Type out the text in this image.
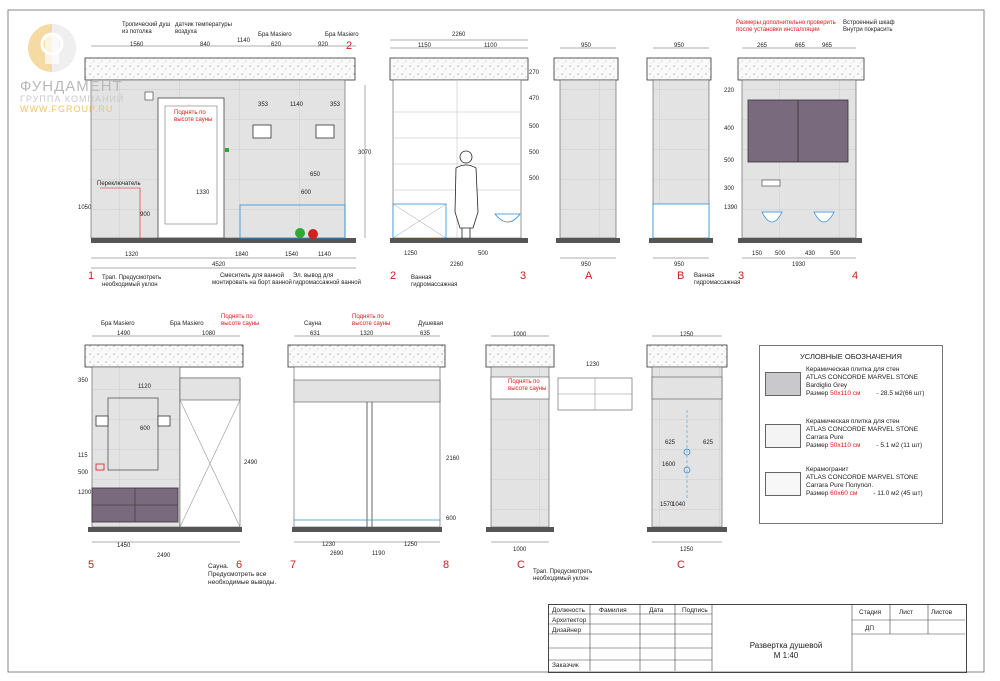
ФУНДАМЕНТ
ГРУППА КОМПАНИЙ
WWW.FGROUP.RU
Тропический душ
из потолка
датчик температуры
воздуха	Бра Masiero	Бра Masiero
Поднять по
высоте сауны
Переключатель
Трап. Предусмотреть
необходимый уклон
Смеситель для ванной
монтировать на борт ванной
Эл. вывод для
гидромассажной ванной
1
2
1560	840
1140
620	920
353	1140	353
1320	1840	1540	1140
4520
1050
900
1330
3070
600
650
2	3
Ванная
гидромассажная
2260
1150	1100
270
470
500
500
500
1250	500
2260
A
950
950
B Ванная
гидромассажная
950
950
3	4
Размеры дополнительно проверить
после установки инсталляции
Встроенный шкаф
Внутри покрасить
265	665	965
220
400
500
300
1390
150 500	430 500
1930
5	6
Бра Masiero	Бра Masiero
Поднять по
высоте сауны
Сауна.
Предусмотреть все
необходимые выводы.
1490	1080
1120
1450
2490
350
1200
2490
600
500
115
7	8
Сауна
Поднять по
высоте сауны	Душевая
631	1320	635
1230	1250
2690	1190
2160
600
C
Поднять по
высоте сауны
Трап. Предусмотреть
необходимый уклон
1000
1000
1230
C
1250
1250
625	625
1600
1570
1040
УСЛОВНЫЕ ОБОЗНАЧЕНИЯ
Керамическая плитка для стен
ATLAS CONCORDE MARVEL STONE
Bardiglio Grey
Размер 50х110 см - 28.5 м2(66 шт)
Керамическая плитка для стен
ATLAS CONCORDE MARVEL STONE
Carrara Pure
Размер 50х110 см - 5.1 м2 (11 шт)
Керамогранит
ATLAS CONCORDE MARVEL STONE
Carrara Pure Полупол.
Размер 60х60 см - 11.0 м2 (45 шт)
Должность Фамилия	Дата	Подпись
Архитектор
Дизайнер
Заказчик
Развертка душевой
М 1:40
Стадия	Лист	Листов
ДП
